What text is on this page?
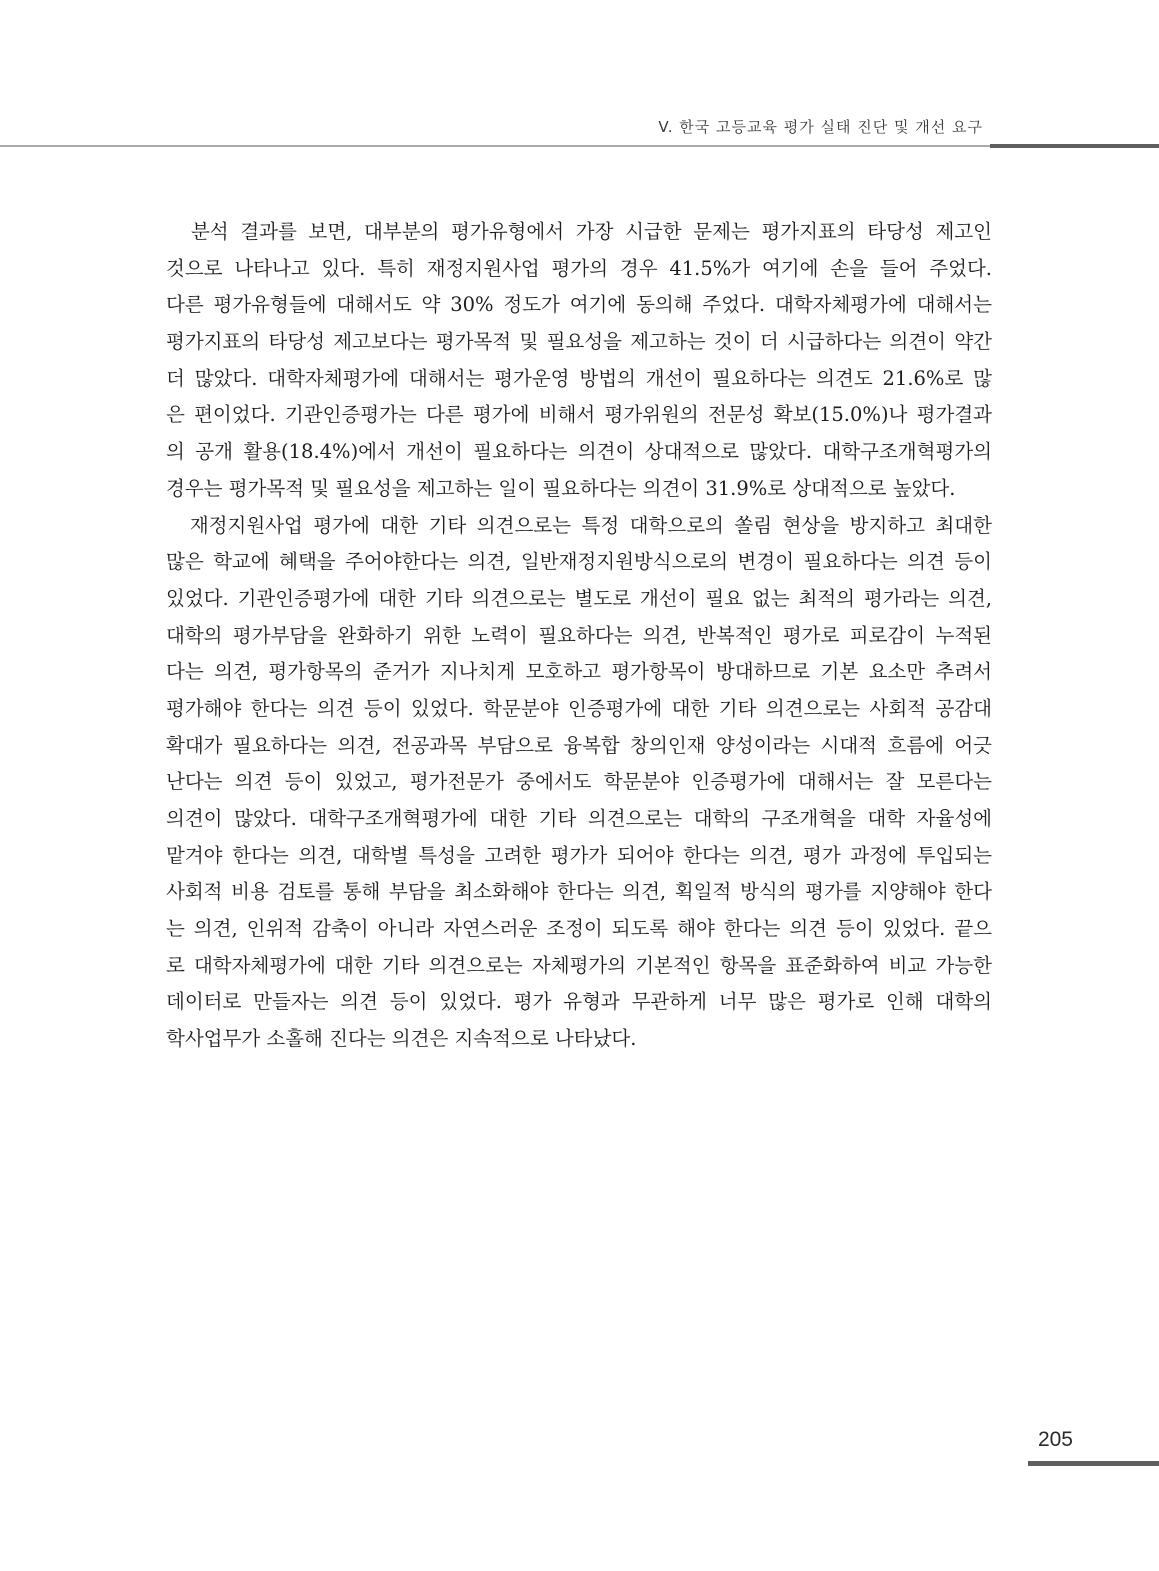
V. 한국 고등교육 평가 실태 진단 및 개선 요구
　분석 결과를 보면, 대부분의 평가유형에서 가장 시급한 문제는 평가지표의 타당성 제고인
것으로 나타나고 있다. 특히 재정지원사업 평가의 경우 41.5%가 여기에 손을 들어 주었다.
다른 평가유형들에 대해서도 약 30% 정도가 여기에 동의해 주었다. 대학자체평가에 대해서는
평가지표의 타당성 제고보다는 평가목적 및 필요성을 제고하는 것이 더 시급하다는 의견이 약간
더 많았다. 대학자체평가에 대해서는 평가운영 방법의 개선이 필요하다는 의견도 21.6%로 많
은 편이었다. 기관인증평가는 다른 평가에 비해서 평가위원의 전문성 확보(15.0%)나 평가결과
의 공개 활용(18.4%)에서 개선이 필요하다는 의견이 상대적으로 많았다. 대학구조개혁평가의
경우는 평가목적 및 필요성을 제고하는 일이 필요하다는 의견이 31.9%로 상대적으로 높았다.
　재정지원사업 평가에 대한 기타 의견으로는 특정 대학으로의 쏠림 현상을 방지하고 최대한
많은 학교에 혜택을 주어야한다는 의견, 일반재정지원방식으로의 변경이 필요하다는 의견 등이
있었다. 기관인증평가에 대한 기타 의견으로는 별도로 개선이 필요 없는 최적의 평가라는 의견,
대학의 평가부담을 완화하기 위한 노력이 필요하다는 의견, 반복적인 평가로 피로감이 누적된
다는 의견, 평가항목의 준거가 지나치게 모호하고 평가항목이 방대하므로 기본 요소만 추려서
평가해야 한다는 의견 등이 있었다. 학문분야 인증평가에 대한 기타 의견으로는 사회적 공감대
확대가 필요하다는 의견, 전공과목 부담으로 융복합 창의인재 양성이라는 시대적 흐름에 어긋
난다는 의견 등이 있었고, 평가전문가 중에서도 학문분야 인증평가에 대해서는 잘 모른다는
의견이 많았다. 대학구조개혁평가에 대한 기타 의견으로는 대학의 구조개혁을 대학 자율성에
맡겨야 한다는 의견, 대학별 특성을 고려한 평가가 되어야 한다는 의견, 평가 과정에 투입되는
사회적 비용 검토를 통해 부담을 최소화해야 한다는 의견, 획일적 방식의 평가를 지양해야 한다
는 의견, 인위적 감축이 아니라 자연스러운 조정이 되도록 해야 한다는 의견 등이 있었다. 끝으
로 대학자체평가에 대한 기타 의견으로는 자체평가의 기본적인 항목을 표준화하여 비교 가능한
데이터로 만들자는 의견 등이 있었다. 평가 유형과 무관하게 너무 많은 평가로 인해 대학의
학사업무가 소홀해 진다는 의견은 지속적으로 나타났다.
205
